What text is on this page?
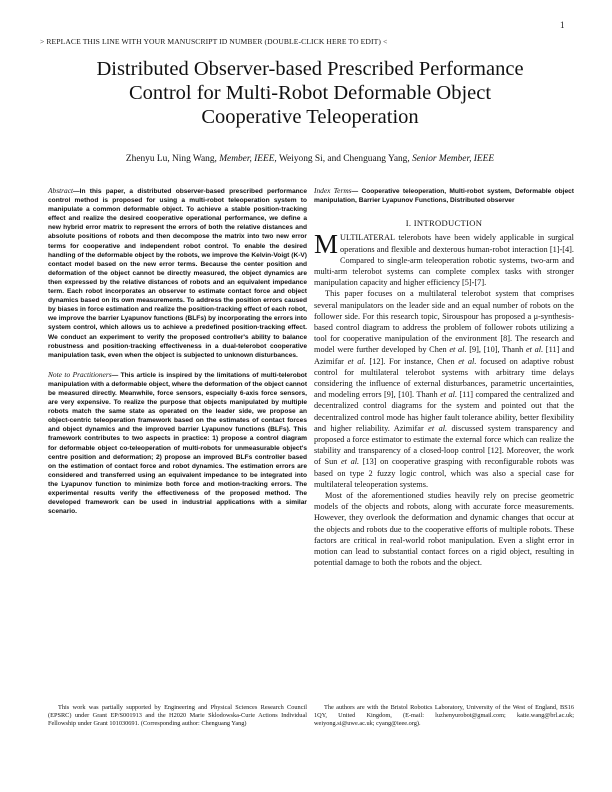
1
> REPLACE THIS LINE WITH YOUR MANUSCRIPT ID NUMBER (DOUBLE-CLICK HERE TO EDIT) <
Distributed Observer-based Prescribed Performance
Control for Multi-Robot Deformable Object
Cooperative Teleoperation
Zhenyu Lu, Ning Wang, Member, IEEE, Weiyong Si, and Chenguang Yang, Senior Member, IEEE

Abstract—In this paper, a distributed observer-based prescribed performance control method is proposed for using a multi-robot teleoperation system to manipulate a common deformable object. To achieve a stable position-tracking effect and realize the desired cooperative operational performance, we define a new hybrid error matrix to represent the errors of both the relative distances and absolute positions of robots and then decompose the matrix into two new error terms for cooperative and independent robot control. To enable the desired handling of the deformable object by the robots, we improve the Kelvin-Voigt (K-V) contact model based on the new error terms. Because the center position and deformation of the object cannot be directly measured, the object dynamics are then expressed by the relative distances of robots and an equivalent impedance term. Each robot incorporates an observer to estimate contact force and object dynamics based on its own measurements. To address the position errors caused by biases in force estimation and realize the position-tracking effect of each robot, we improve the barrier Lyapunov functions (BLFs) by incorporating the errors into system control, which allows us to achieve a predefined position-tracking effect. We conduct an experiment to verify the proposed controller's ability to balance robustness and position-tracking effectiveness in a dual-telerobot cooperative manipulation task, even when the object is subjected to unknown disturbances.

Note to Practitioners— This article is inspired by the limitations of multi-telerobot manipulation with a deformable object, where the deformation of the object cannot be measured directly. Meanwhile, force sensors, especially 6-axis force sensors, are very expensive. To realize the purpose that objects manipulated by multiple robots match the same state as operated on the leader side, we propose an object-centric teleoperation framework based on the estimates of contact forces and object dynamics and the improved barrier Lyapunov functions (BLFs). This framework contributes to two aspects in practice: 1) propose a control diagram for deformable object co-teleoperation of multi-robots for unmeasurable object's centre position and deformation; 2) propose an improved BLFs controller based on the estimation of contact force and robot dynamics. The estimation errors are considered and transferred using an equivalent impedance to be integrated into the Lyapunov function to minimize both force and motion-tracking errors. The experimental results verify the effectiveness of the proposed method. The developed framework can be used in industrial applications with a similar scenario.

Index Terms— Cooperative teleoperation, Multi-robot system, Deformable object manipulation, Barrier Lyapunov Functions, Distributed observer

I. INTRODUCTION

MULTILATERAL telerobots have been widely applicable in surgical operations and flexible and dexterous human-robot interaction [1]-[4]. Compared to single-arm teleoperation robotic systems, two-arm and multi-arm telerobot systems can complete complex tasks with stronger manipulation capacity and higher efficiency [5]-[7].

This paper focuses on a multilateral telerobot system that comprises several manipulators on the leader side and an equal number of robots on the follower side. For this research topic, Sirouspour has proposed a μ-synthesis-based control diagram to address the problem of follower robots utilizing a tool for cooperative manipulation of the environment [8]. The research and model were further developed by Chen et al. [9], [10], Thanh et al. [11] and Azimifar et al. [12]. For instance, Chen et al. focused on adaptive robust control for multilateral telerobot systems with arbitrary time delays considering the influence of external disturbances, parametric uncertainties, and modeling errors [9], [10]. Thanh et al. [11] compared the centralized and decentralized control diagrams for the system and pointed out that the decentralized control mode has higher fault tolerance ability, better flexibility and higher reliability. Azimifar et al. discussed system transparency and proposed a force estimator to estimate the external force which can realize the stability and transparency of a closed-loop control [12]. Moreover, the work of Sun et al. [13] on cooperative grasping with reconfigurable robots was based on type 2 fuzzy logic control, which was also a special case for multilateral teleoperation systems.

Most of the aforementioned studies heavily rely on precise geometric models of the objects and robots, along with accurate force measurements. However, they overlook the deformation and dynamic changes that occur at the objects and robots due to the cooperative efforts of multiple robots. These factors are critical in real-world robot manipulation. Even a slight error in motion can lead to substantial contact forces on a rigid object, resulting in potential damage to both the robots and the object.

This work was partially supported by Engineering and Physical Sciences Research Council (EPSRC) under Grant EP/S001913 and the H2020 Marie Sklodowska-Curie Actions Individual Fellowship under Grant 101030691. (Corresponding author: Chenguang Yang)

The authors are with the Bristol Robotics Laboratory, University of the West of England, BS16 1QY, United Kingdom, (E-mail: luzhenyurobot@gmail.com; katie.wang@brl.ac.uk; weiyong.si@uwe.ac.uk; cyang@ieee.org).
